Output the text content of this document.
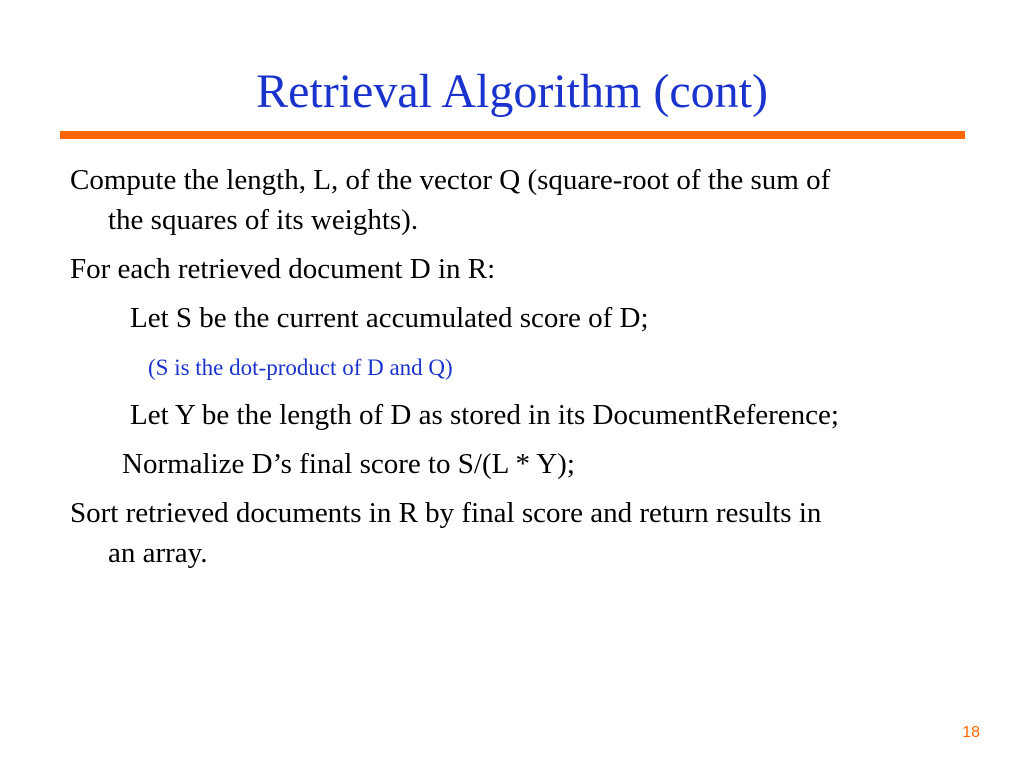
Retrieval Algorithm (cont)

Compute the length, L, of the vector Q (square-root of the sum of
the squares of its weights).

For each retrieved document D in R:

Let S be the current accumulated score of D;

(S is the dot-product of D and Q)

Let Y be the length of D as stored in its DocumentReference;

Normalize D’s final score to S/(L * Y);

Sort retrieved documents in R by final score and return results in
an array.

18
